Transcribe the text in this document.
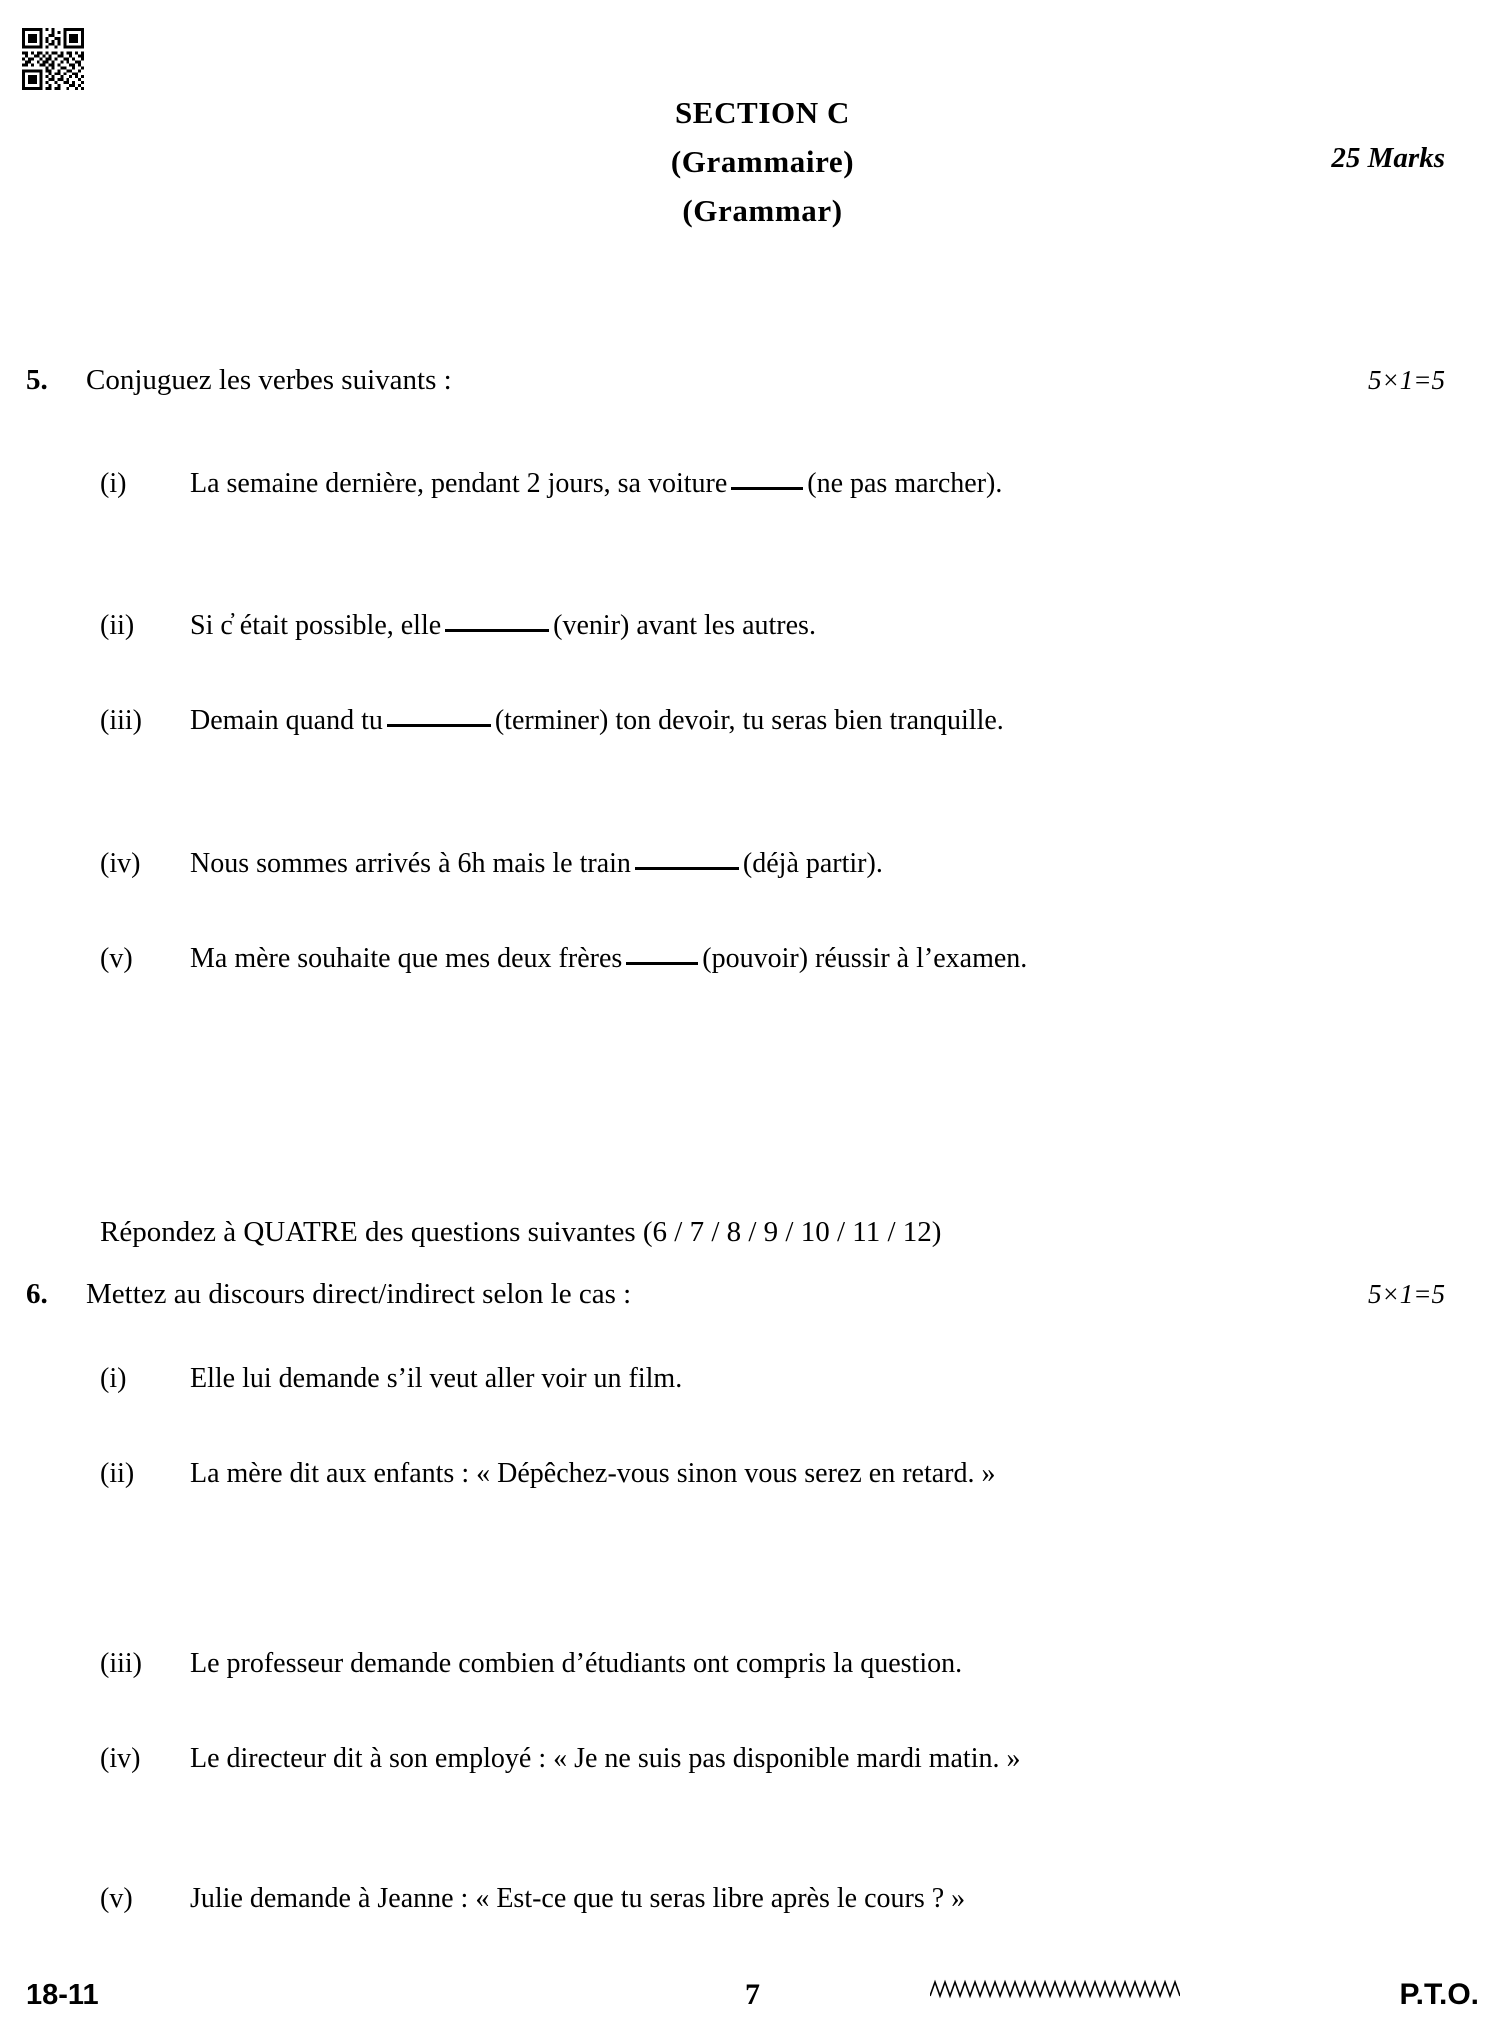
SECTION C
(Grammaire)
(Grammar)
25 Marks
5.	Conjuguez les verbes suivants :	5×1=5
(i)	La semaine dernière, pendant 2 jours, sa voiture	(ne pas marcher).
(ii)	Si c̓ était possible, elle	(venir) avant les autres.
(iii)	Demain quand tu	(terminer) ton devoir, tu seras bien tranquille.
(iv)	Nous sommes arrivés à 6h mais le train	(déjà partir).
(v)	Ma mère souhaite que mes deux frères	(pouvoir) réussir à l’examen.
Répondez à QUATRE des questions suivantes (6 / 7 / 8 / 9 / 10 / 11 / 12)
6.	Mettez au discours direct/indirect selon le cas :	5×1=5
(i)	Elle lui demande s’il veut aller voir un film.
(ii)	La mère dit aux enfants : « Dépêchez-vous sinon vous serez en retard. »
(iii)	Le professeur demande combien d’étudiants ont compris la question.
(iv)	Le directeur dit à son employé : « Je ne suis pas disponible mardi matin. »
(v)	Julie demande à Jeanne : « Est-ce que tu seras libre après le cours ? »
18-11	7	P.T.O.
